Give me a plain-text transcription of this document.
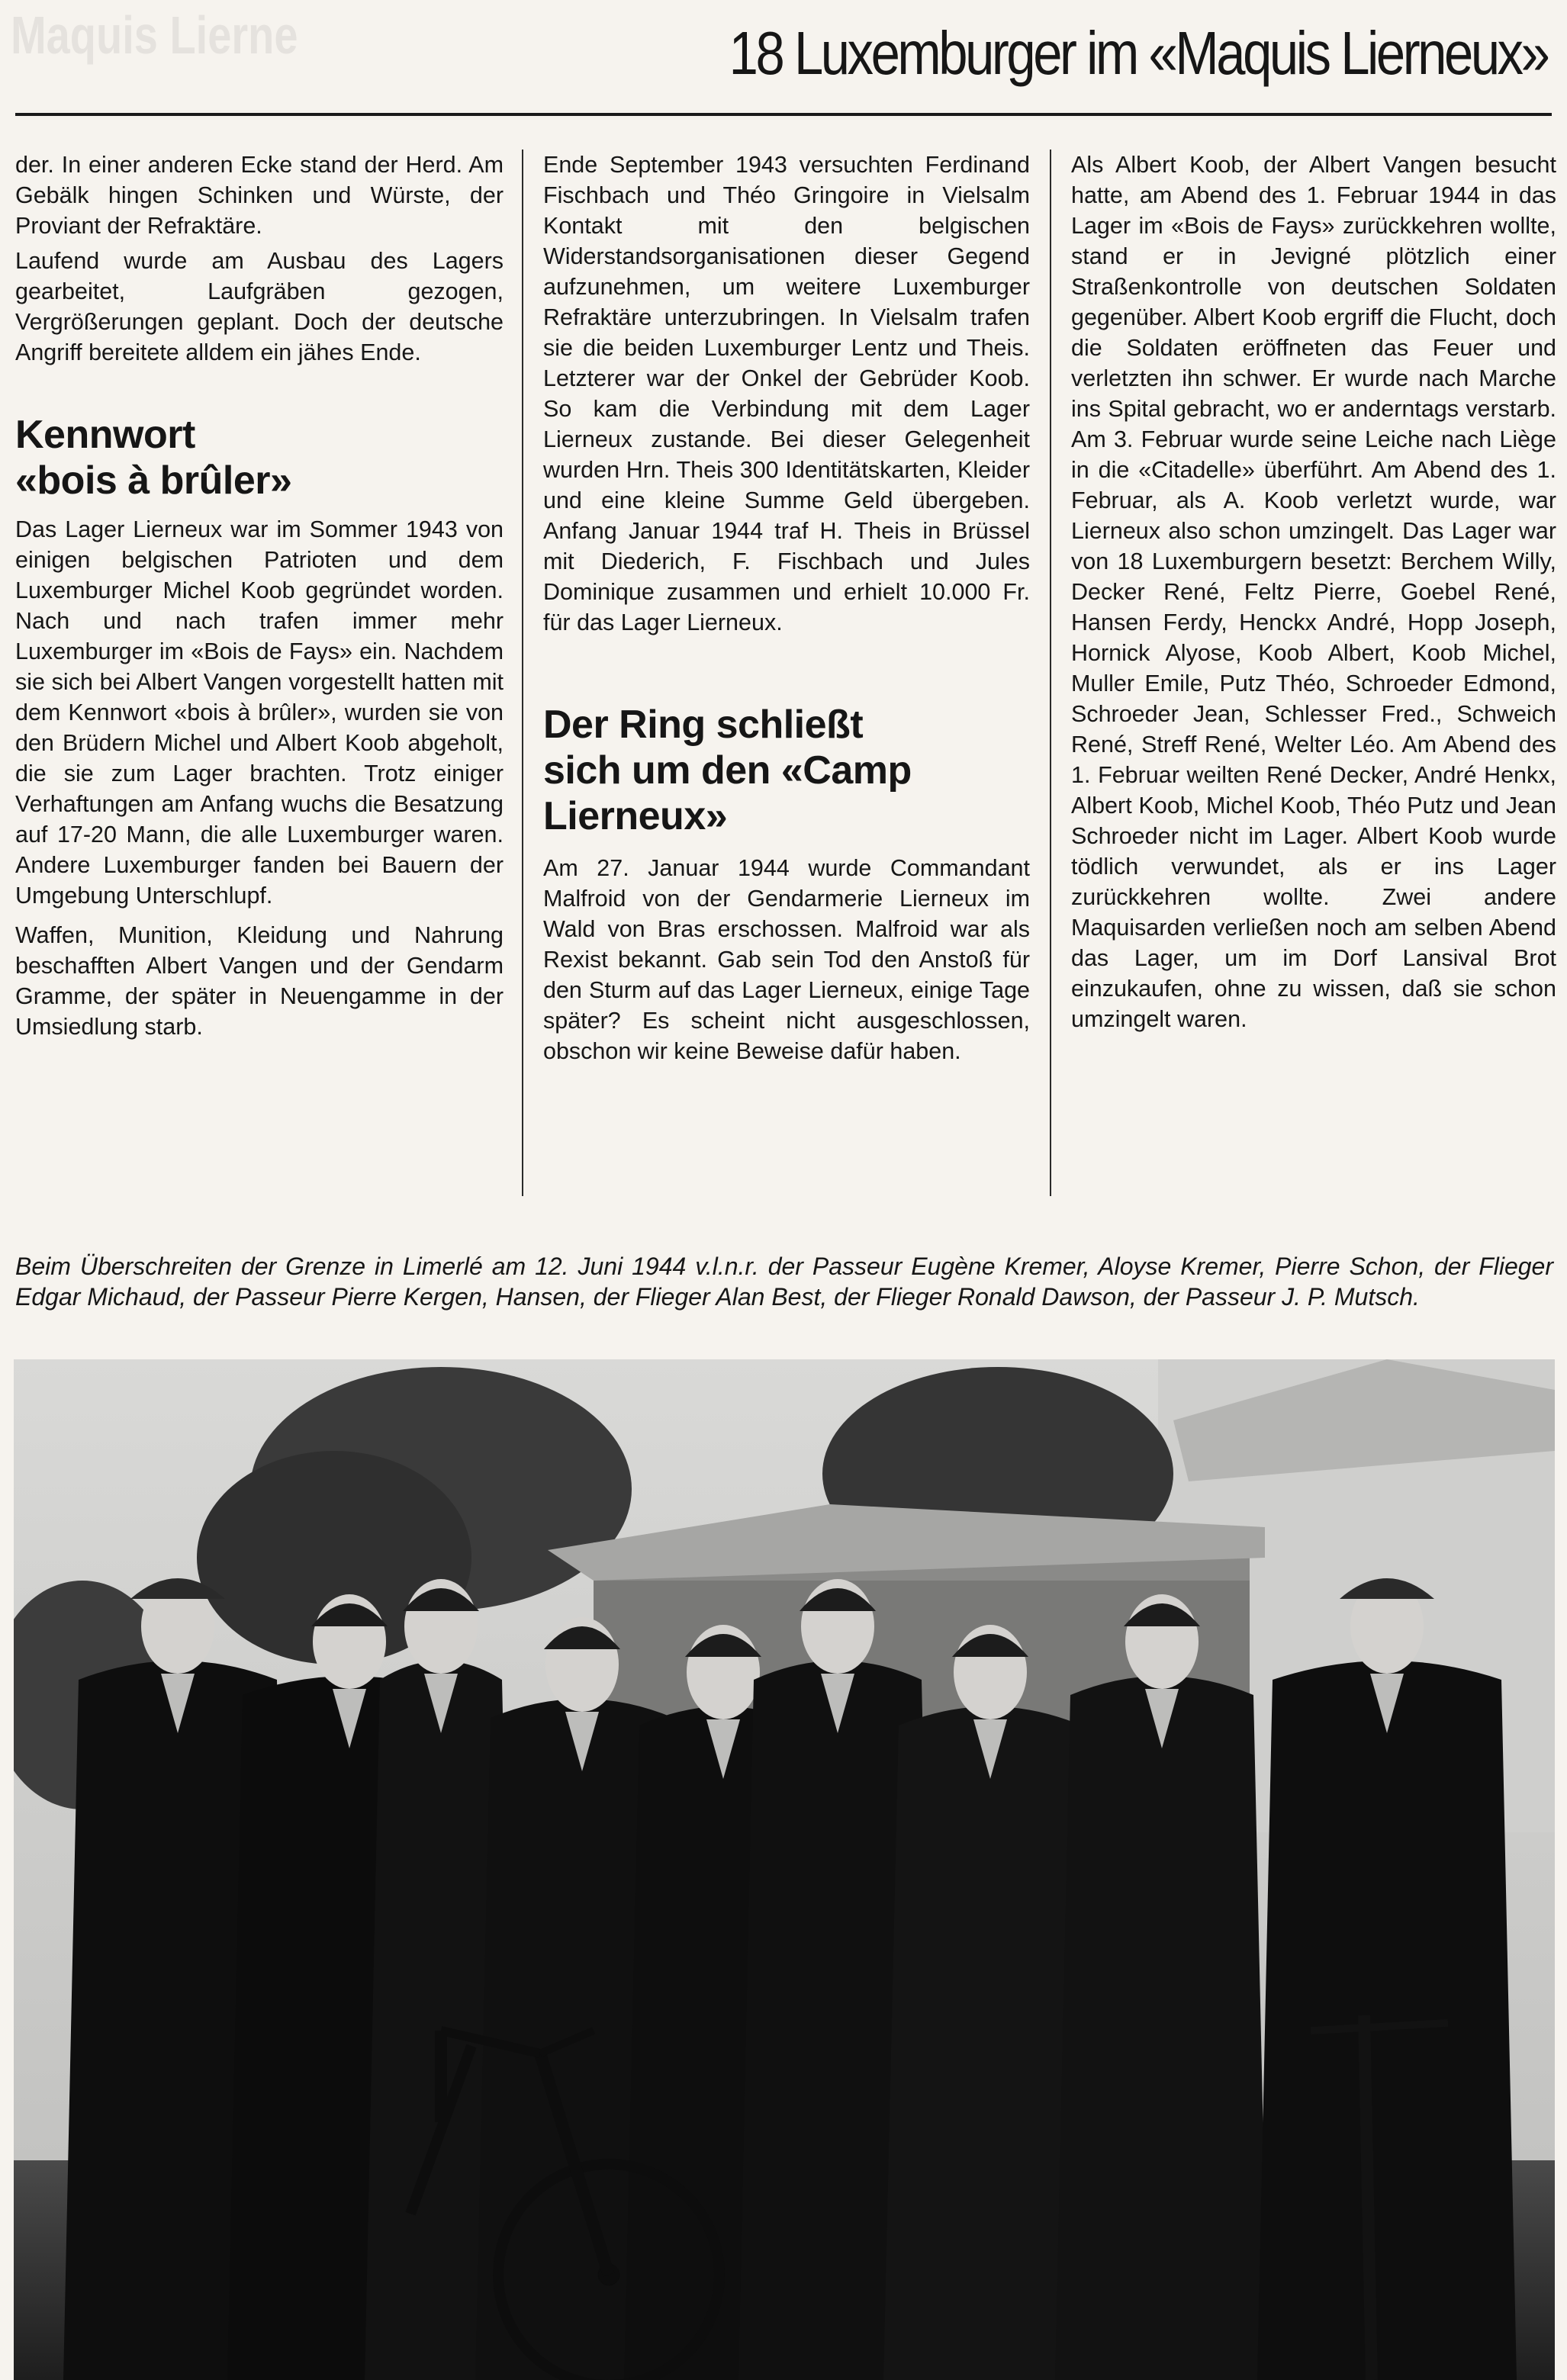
Maquis Lierne	18 Luxemburger im «Maquis Lierneux»

der. In einer anderen Ecke stand der Herd. Am Gebälk hingen Schinken und Würste, der Proviant der Refraktäre.

Laufend wurde am Ausbau des Lagers gearbeitet, Laufgräben gezogen, Vergrößerungen geplant. Doch der deutsche Angriff bereitete alldem ein jähes Ende.

Kennwort
«bois à brûler»

Das Lager Lierneux war im Sommer 1943 von einigen belgischen Patrioten und dem Luxemburger Michel Koob gegründet worden. Nach und nach trafen immer mehr Luxemburger im «Bois de Fays» ein. Nachdem sie sich bei Albert Vangen vorgestellt hatten mit dem Kennwort «bois à brûler», wurden sie von den Brüdern Michel und Albert Koob abgeholt, die sie zum Lager brachten. Trotz einiger Verhaftungen am Anfang wuchs die Besatzung auf 17-20 Mann, die alle Luxemburger waren. Andere Luxemburger fanden bei Bauern der Umgebung Unterschlupf.

Waffen, Munition, Kleidung und Nahrung beschafften Albert Vangen und der Gendarm Gramme, der später in Neuengamme in der Umsiedlung starb.

Ende September 1943 versuchten Ferdinand Fischbach und Théo Gringoire in Vielsalm Kontakt mit den belgischen Widerstandsorganisationen dieser Gegend aufzunehmen, um weitere Luxemburger Refraktäre unterzubringen. In Vielsalm trafen sie die beiden Luxemburger Lentz und Theis. Letzterer war der Onkel der Gebrüder Koob. So kam die Verbindung mit dem Lager Lierneux zustande. Bei dieser Gelegenheit wurden Hrn. Theis 300 Identitätskarten, Kleider und eine kleine Summe Geld übergeben. Anfang Januar 1944 traf H. Theis in Brüssel mit Diederich, F. Fischbach und Jules Dominique zusammen und erhielt 10.000 Fr. für das Lager Lierneux.

Der Ring schließt
sich um den «Camp
Lierneux»

Am 27. Januar 1944 wurde Commandant Malfroid von der Gendarmerie Lierneux im Wald von Bras erschossen. Malfroid war als Rexist bekannt. Gab sein Tod den Anstoß für den Sturm auf das Lager Lierneux, einige Tage später? Es scheint nicht ausgeschlossen, obschon wir keine Beweise dafür haben.

Als Albert Koob, der Albert Vangen besucht hatte, am Abend des 1. Februar 1944 in das Lager im «Bois de Fays» zurückkehren wollte, stand er in Jevigné plötzlich einer Straßenkontrolle von deutschen Soldaten gegenüber. Albert Koob ergriff die Flucht, doch die Soldaten eröffneten das Feuer und verletzten ihn schwer. Er wurde nach Marche ins Spital gebracht, wo er anderntags verstarb. Am 3. Februar wurde seine Leiche nach Liège in die «Citadelle» überführt. Am Abend des 1. Februar, als A. Koob verletzt wurde, war Lierneux also schon umzingelt. Das Lager war von 18 Luxemburgern besetzt: Berchem Willy, Decker René, Feltz Pierre, Goebel René, Hansen Ferdy, Henckx André, Hopp Joseph, Hornick Alyose, Koob Albert, Koob Michel, Muller Emile, Putz Théo, Schroeder Edmond, Schroeder Jean, Schlesser Fred., Schweich René, Streff René, Welter Léo. Am Abend des 1. Februar weilten René Decker, André Henkx, Albert Koob, Michel Koob, Théo Putz und Jean Schroeder nicht im Lager. Albert Koob wurde tödlich verwundet, als er ins Lager zurückkehren wollte. Zwei andere Maquisarden verließen noch am selben Abend das Lager, um im Dorf Lansival Brot einzukaufen, ohne zu wissen, daß sie schon umzingelt waren.

Beim Überschreiten der Grenze in Limerlé am 12. Juni 1944 v.l.n.r. der Passeur Eugène Kremer, Aloyse Kremer, Pierre Schon, der Flieger Edgar Michaud, der Passeur Pierre Kergen, Hansen, der Flieger Alan Best, der Flieger Ronald Dawson, der Passeur J. P. Mutsch.
